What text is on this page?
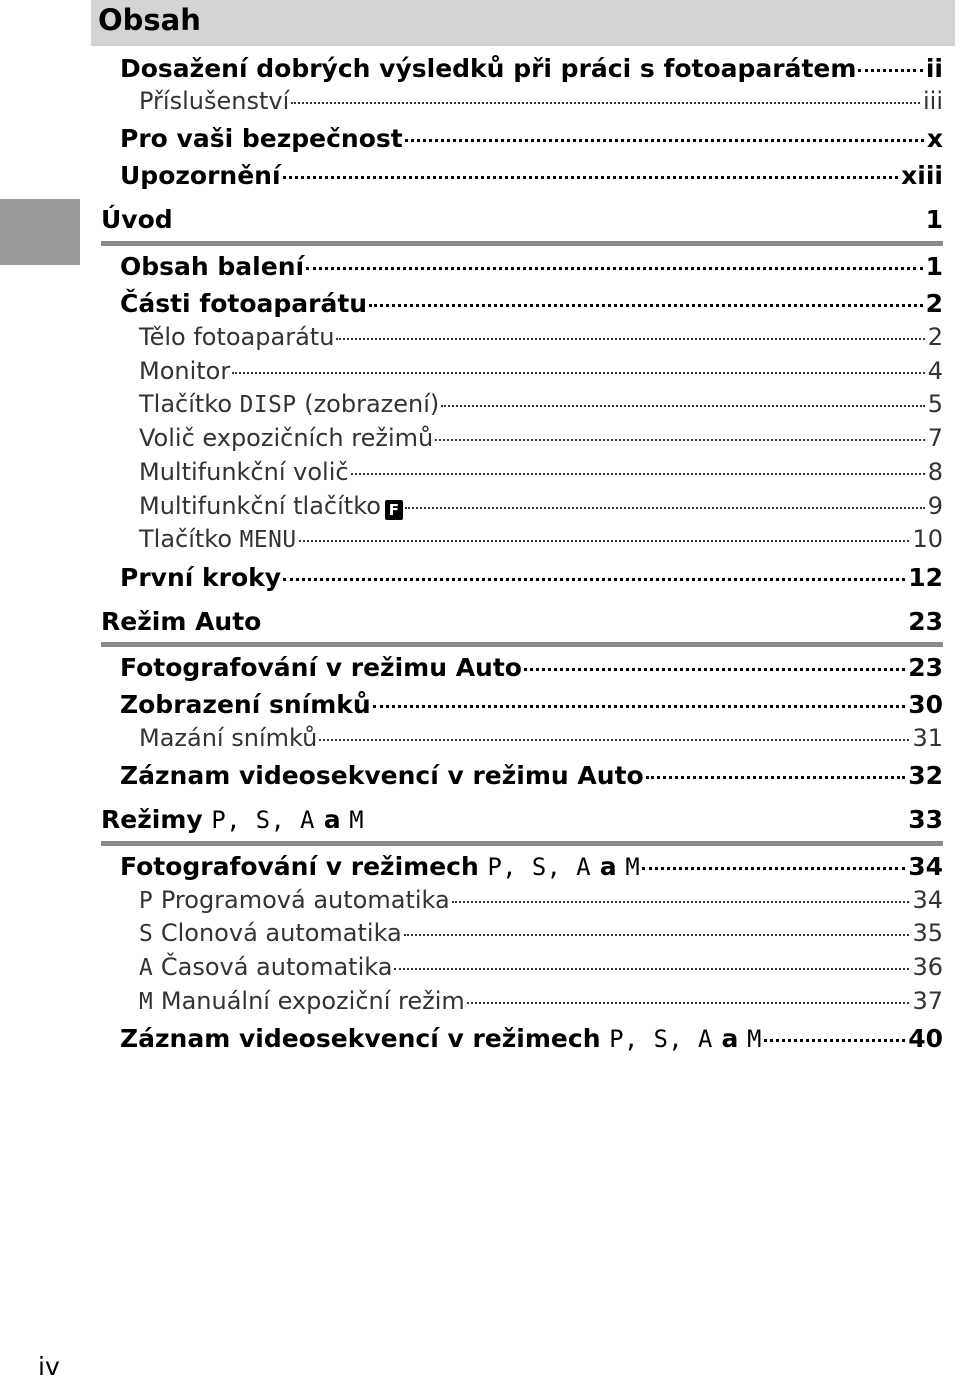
Obsah
Dosažení dobrých výsledků při práci s fotoaparátem	ii
Příslušenství	iii
Pro vaši bezpečnost	x
Upozornění	xiii
Úvod	1
Obsah balení	1
Části fotoaparátu	2
Tělo fotoaparátu	2
Monitor	4
Tlačítko DISP (zobrazení)	5
Volič expozičních režimů	7
Multifunkční volič	8
Multifunkční tlačítko F	9
Tlačítko MENU	10
První kroky	12
Režim Auto	23
Fotografování v režimu Auto	23
Zobrazení snímků	30
Mazání snímků	31
Záznam videosekvencí v režimu Auto	32
Režimy P, S, A a M	33
Fotografování v režimech P, S, A a M	34
P Programová automatika	34
S Clonová automatika	35
A Časová automatika	36
M Manuální expoziční režim	37
Záznam videosekvencí v režimech P, S, A a M	40
iv
